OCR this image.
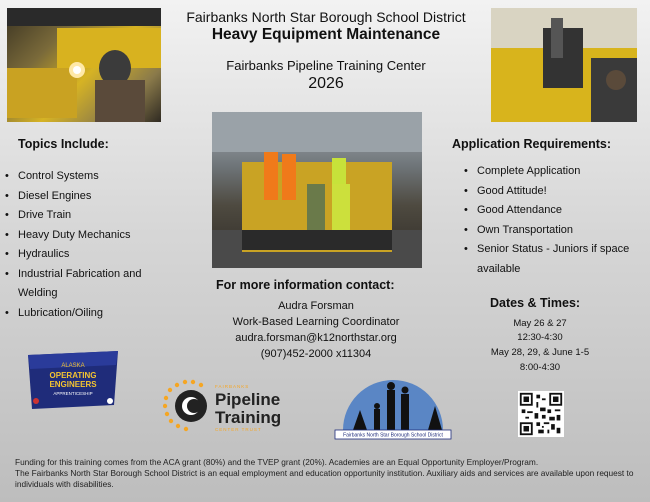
Fairbanks North Star Borough School District
Heavy Equipment Maintenance
Fairbanks Pipeline Training Center
2026
Topics Include:
• Control Systems
• Diesel Engines
• Drive Train
• Heavy Duty Mechanics
• Hydraulics
• Industrial Fabrication and Welding
• Lubrication/Oiling
Application Requirements:
• Complete Application
• Good Attitude!
• Good Attendance
• Own Transportation
• Senior Status - Juniors if space available
For more information contact:
Audra Forsman
Work-Based Learning Coordinator
audra.forsman@k12northstar.org
(907)452-2000 x11304
Dates & Times:
May 26 & 27
12:30-4:30
May 28, 29, & June 1-5
8:00-4:30
ALASKA
OPERATING
ENGINEERS
APPRENTICESHIP
FAIRBANKS
Pipeline
Training
CENTER TRUST
Fairbanks North Star Borough School District

Funding for this training comes from the ACA grant (80%) and the TVEP grant (20%). Academies are an Equal Opportunity Employer/Program.

The Fairbanks North Star Borough School District is an equal employment and education opportunity institution. Auxiliary aids and services are available upon request to individuals with disabilities.
